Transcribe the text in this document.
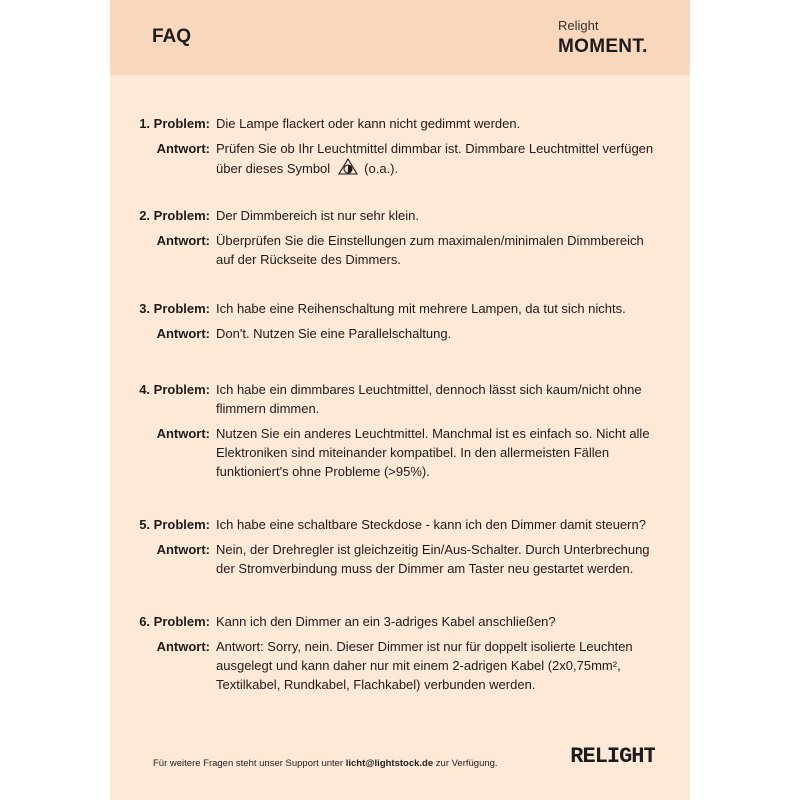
FAQ
Relight
MOMENT.
1. Problem: Die Lampe flackert oder kann nicht gedimmt werden.
Antwort: Prüfen Sie ob Ihr Leuchtmittel dimmbar ist. Dimmbare Leuchtmittel verfügen über dieses Symbol	(o.a.).
2. Problem: Der Dimmbereich ist nur sehr klein.
Antwort: Überprüfen Sie die Einstellungen zum maximalen/minimalen Dimmbereich auf der Rückseite des Dimmers.
3. Problem: Ich habe eine Reihenschaltung mit mehrere Lampen, da tut sich nichts.
Antwort: Don't. Nutzen Sie eine Parallelschaltung.
4. Problem: Ich habe ein dimmbares Leuchtmittel, dennoch lässt sich kaum/nicht ohne flimmern dimmen.
Antwort: Nutzen Sie ein anderes Leuchtmittel. Manchmal ist es einfach so. Nicht alle Elektroniken sind miteinander kompatibel. In den allermeisten Fällen funktioniert's ohne Probleme (>95%).
5. Problem: Ich habe eine schaltbare Steckdose - kann ich den Dimmer damit steuern?
Antwort: Nein, der Drehregler ist gleichzeitig Ein/Aus-Schalter. Durch Unterbrechung der Stromverbindung muss der Dimmer am Taster neu gestartet werden.
6. Problem: Kann ich den Dimmer an ein 3-adriges Kabel anschließen?
Antwort: Antwort: Sorry, nein. Dieser Dimmer ist nur für doppelt isolierte Leuchten ausgelegt und kann daher nur mit einem 2-adrigen Kabel (2x0,75mm², Textilkabel, Rundkabel, Flachkabel) verbunden werden.
Für weitere Fragen steht unser Support unter licht@lightstock.de zur Verfügung.	RELIGHT
